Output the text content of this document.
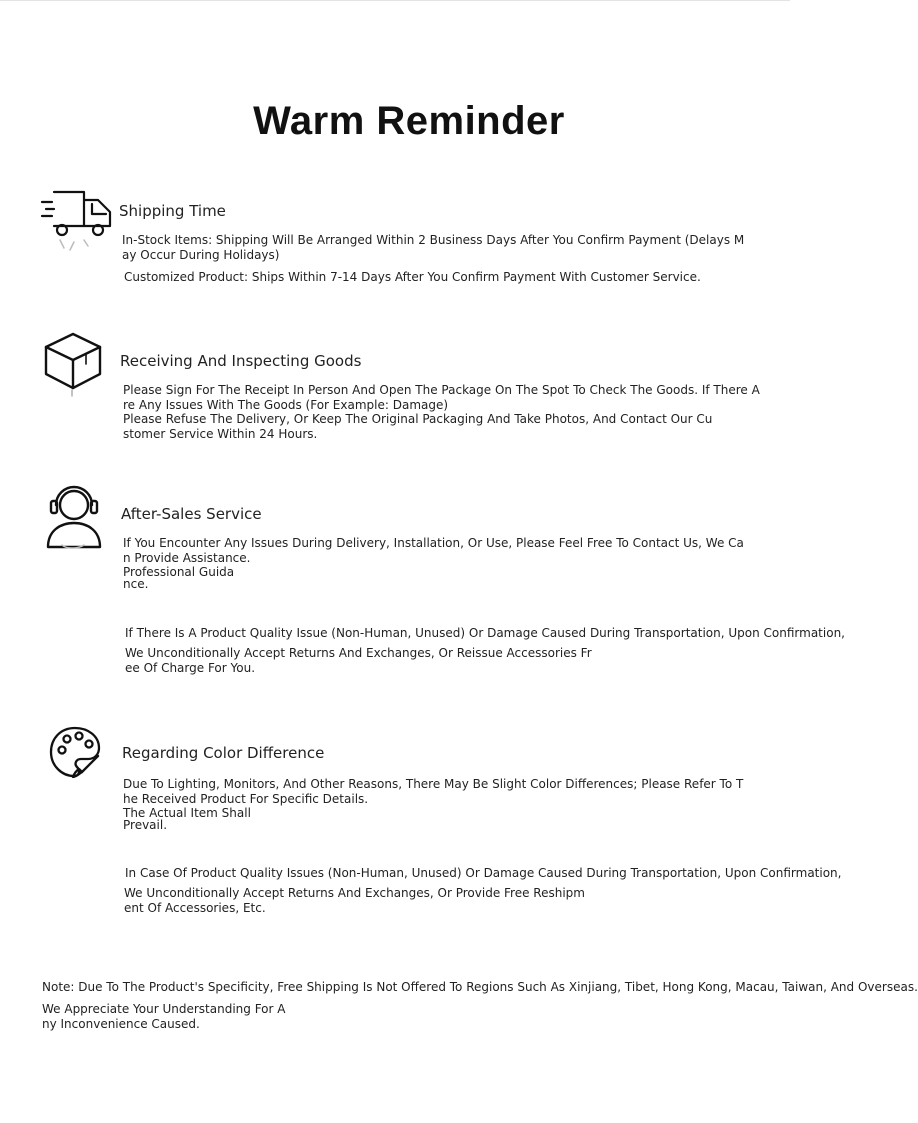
Warm Reminder
Shipping Time
In-Stock Items: Shipping Will Be Arranged Within 2 Business Days After You Confirm Payment (Delays M
ay Occur During Holidays)
Customized Product: Ships Within 7-14 Days After You Confirm Payment With Customer Service.
Receiving And Inspecting Goods
Please Sign For The Receipt In Person And Open The Package On The Spot To Check The Goods. If There A
re Any Issues With The Goods (For Example: Damage)
Please Refuse The Delivery, Or Keep The Original Packaging And Take Photos, And Contact Our Cu
stomer Service Within 24 Hours.
After-Sales Service
If You Encounter Any Issues During Delivery, Installation, Or Use, Please Feel Free To Contact Us, We Ca
n Provide Assistance.
Professional Guida
nce.
If There Is A Product Quality Issue (Non-Human, Unused) Or Damage Caused During Transportation, Upon Confirmation,
We Unconditionally Accept Returns And Exchanges, Or Reissue Accessories Fr
ee Of Charge For You.
Regarding Color Difference
Due To Lighting, Monitors, And Other Reasons, There May Be Slight Color Differences; Please Refer To T
he Received Product For Specific Details.
The Actual Item Shall
Prevail.
In Case Of Product Quality Issues (Non-Human, Unused) Or Damage Caused During Transportation, Upon Confirmation,
We Unconditionally Accept Returns And Exchanges, Or Provide Free Reshipm
ent Of Accessories, Etc.
Note: Due To The Product's Specificity, Free Shipping Is Not Offered To Regions Such As Xinjiang, Tibet, Hong Kong, Macau, Taiwan, And Overseas.
We Appreciate Your Understanding For A
ny Inconvenience Caused.
